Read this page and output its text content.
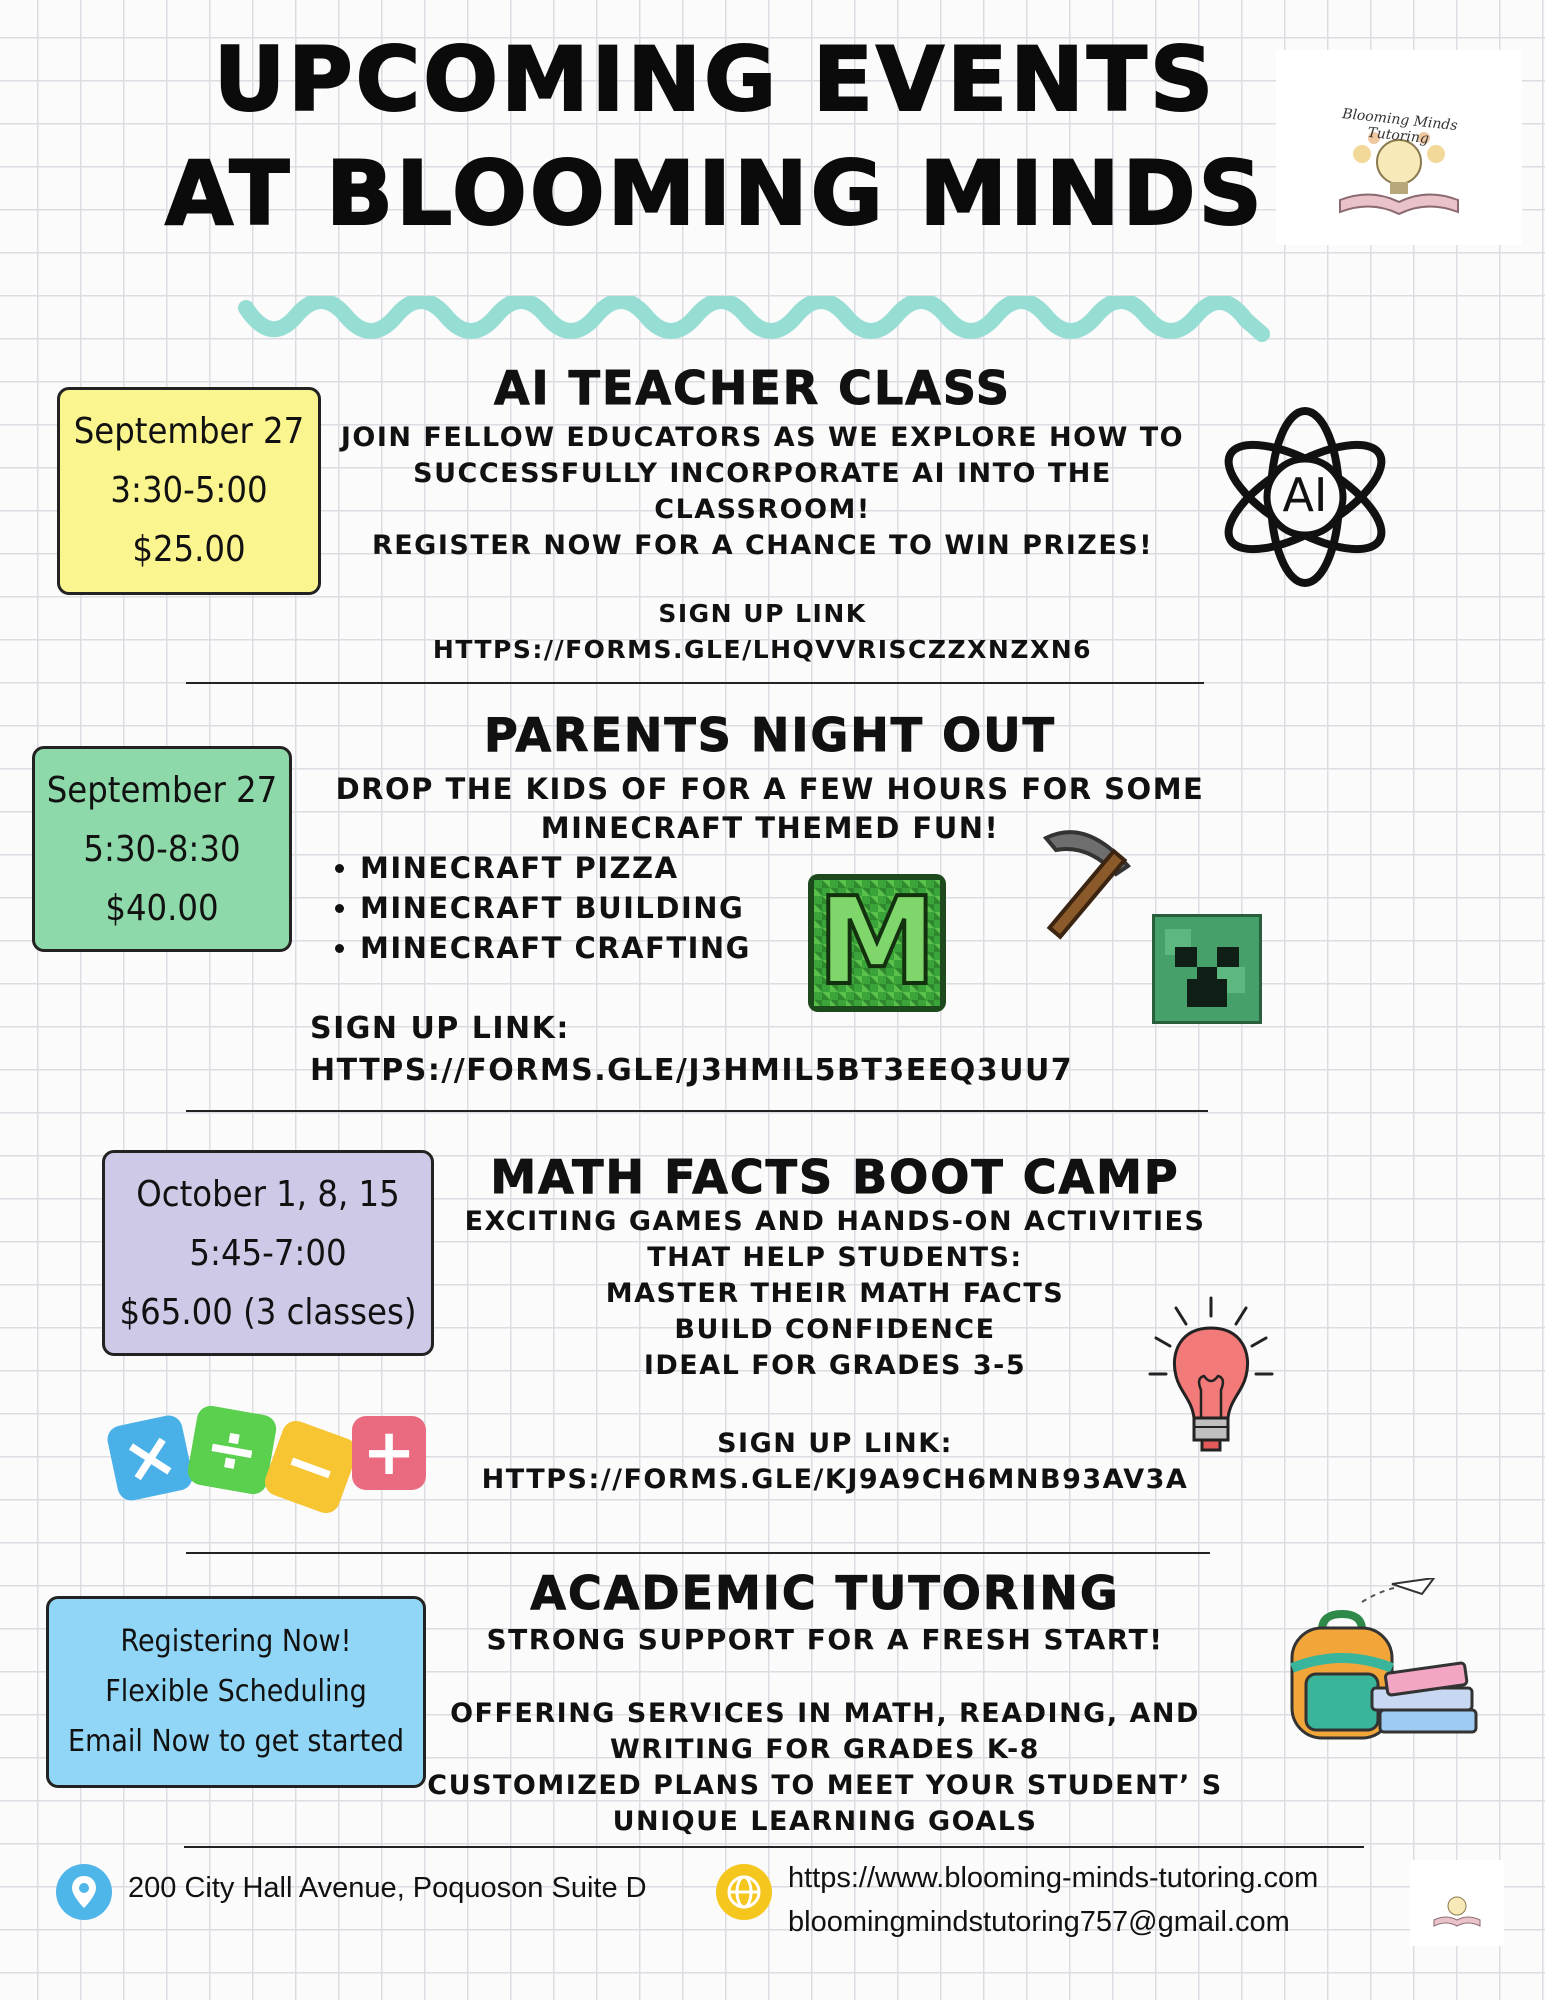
UPCOMING EVENTS
AT BLOOMING MINDS
Blooming Minds Tutoring
September 27
3:30-5:00
$25.00
AI TEACHER CLASS
JOIN FELLOW EDUCATORS AS WE EXPLORE HOW TO
SUCCESSFULLY INCORPORATE AI INTO THE
CLASSROOM!
REGISTER NOW FOR A CHANCE TO WIN PRIZES!
SIGN UP LINK
HTTPS://FORMS.GLE/LHQVVRISCZZXNZXN6
AI
September 27
5:30-8:30
$40.00
PARENTS NIGHT OUT
DROP THE KIDS OF FOR A FEW HOURS FOR SOME
MINECRAFT THEMED FUN!
• MINECRAFT PIZZA
• MINECRAFT BUILDING
• MINECRAFT CRAFTING M
SIGN UP LINK:
HTTPS://FORMS.GLE/J3HMIL5BT3EEQ3UU7
October 1, 8, 15
5:45-7:00
$65.00 (3 classes)
MATH FACTS BOOT CAMP
EXCITING GAMES AND HANDS-ON ACTIVITIES
THAT HELP STUDENTS:
MASTER THEIR MATH FACTS
BUILD CONFIDENCE
IDEAL FOR GRADES 3-5
SIGN UP LINK:
HTTPS://FORMS.GLE/KJ9A9CH6MNB93AV3A
× ÷ − +
Registering Now!
Flexible Scheduling
Email Now to get started
ACADEMIC TUTORING
STRONG SUPPORT FOR A FRESH START!
OFFERING SERVICES IN MATH, READING, AND
WRITING FOR GRADES K-8
CUSTOMIZED PLANS TO MEET YOUR STUDENT’ S
UNIQUE LEARNING GOALS
200 City Hall Avenue, Poquoson Suite D	https://www.blooming-minds-tutoring.com
bloomingmindstutoring757@gmail.com
